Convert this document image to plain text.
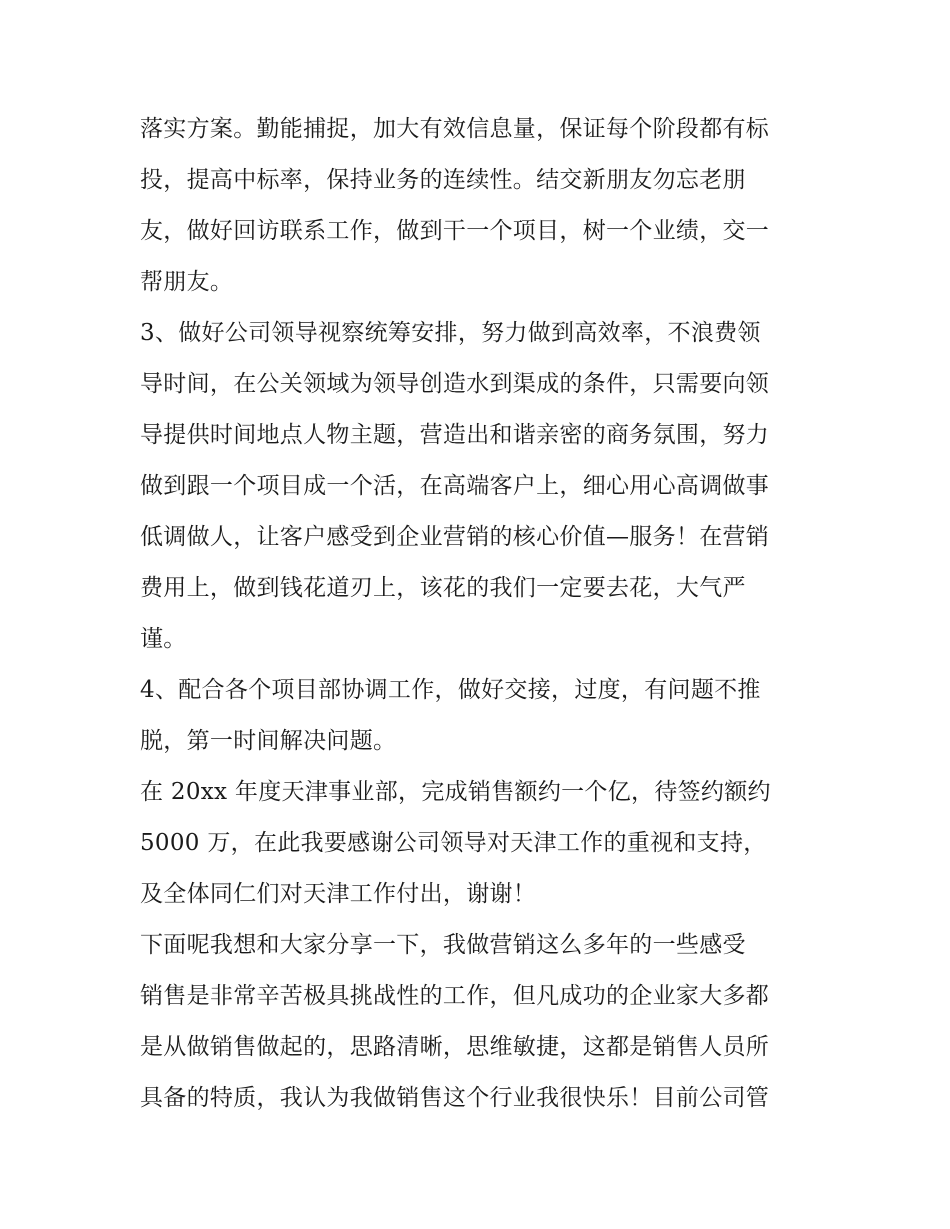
落实方案。勤能捕捉，加大有效信息量，保证每个阶段都有标
投，提高中标率，保持业务的连续性。结交新朋友勿忘老朋
友，做好回访联系工作，做到干一个项目，树一个业绩，交一
帮朋友。
3、做好公司领导视察统筹安排，努力做到高效率，不浪费领
导时间，在公关领域为领导创造水到渠成的条件，只需要向领
导提供时间地点人物主题，营造出和谐亲密的商务氛围，努力
做到跟一个项目成一个活，在高端客户上，细心用心高调做事
低调做人，让客户感受到企业营销的核心价值—服务！在营销
费用上，做到钱花道刃上，该花的我们一定要去花，大气严
谨。
4、配合各个项目部协调工作，做好交接，过度，有问题不推
脱，第一时间解决问题。
在 20xx 年度天津事业部，完成销售额约一个亿，待签约额约
5000 万，在此我要感谢公司领导对天津工作的重视和支持，
及全体同仁们对天津工作付出，谢谢！
下面呢我想和大家分享一下，我做营销这么多年的一些感受
销售是非常辛苦极具挑战性的工作，但凡成功的企业家大多都
是从做销售做起的，思路清晰，思维敏捷，这都是销售人员所
具备的特质，我认为我做销售这个行业我很快乐！目前公司管
